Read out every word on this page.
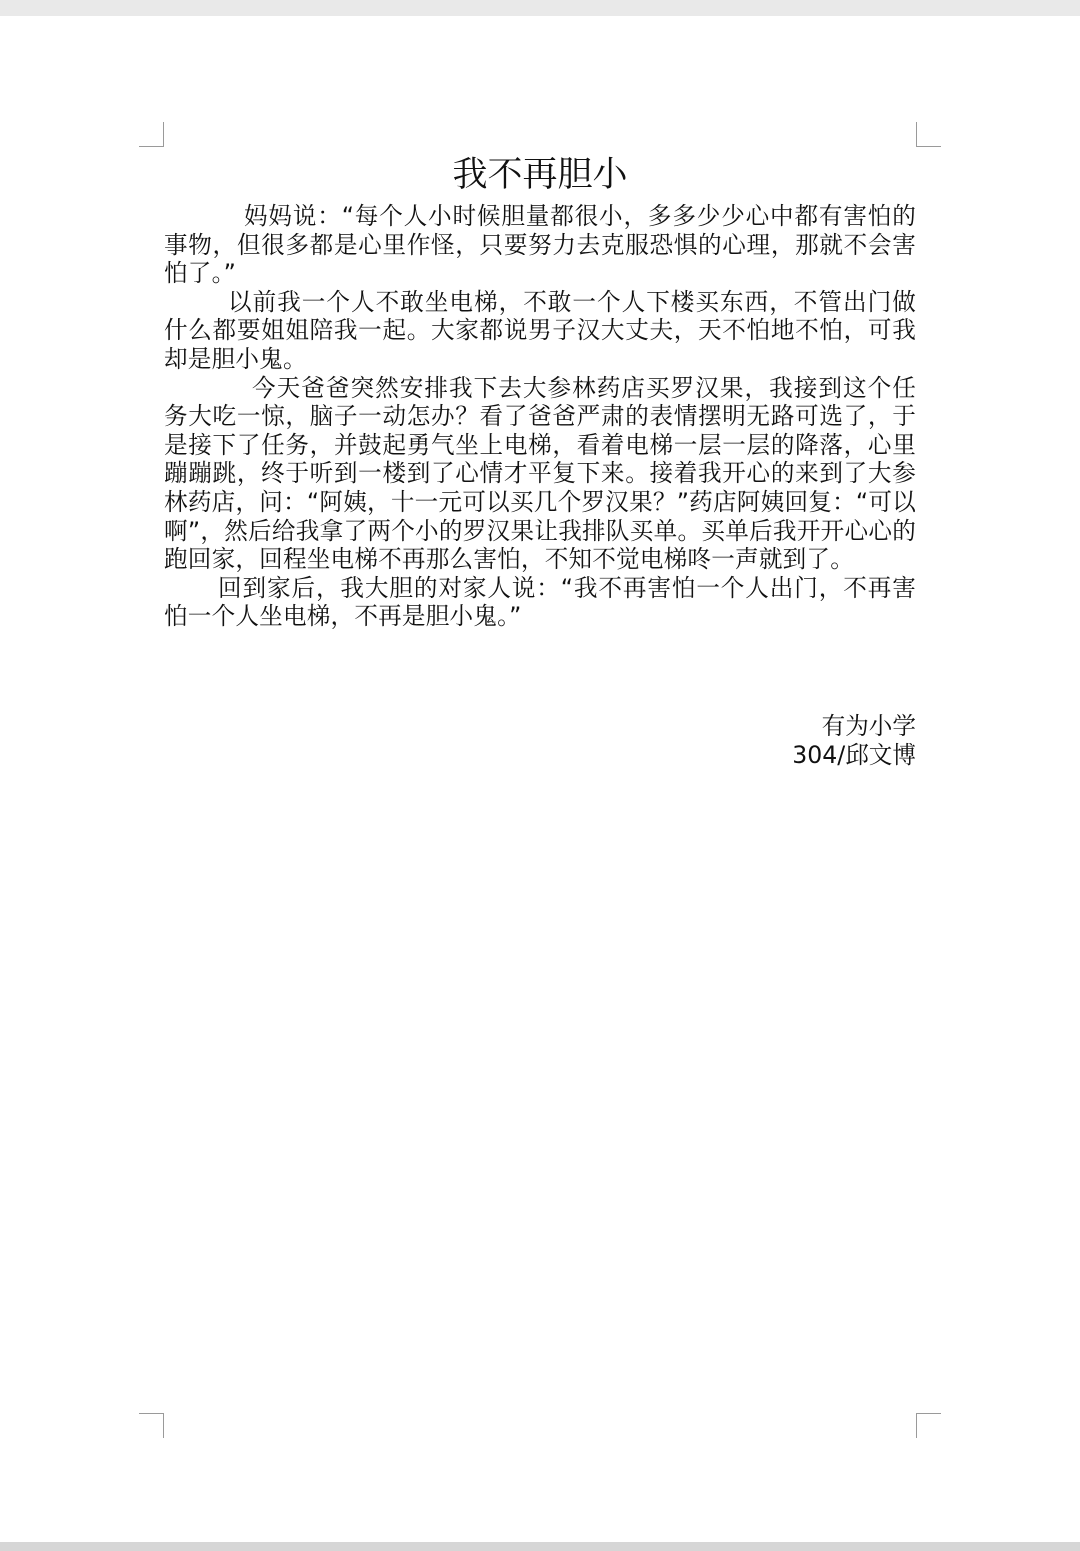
我不再胆小

妈妈说：“每个人小时候胆量都很小，多多少少心中都有害怕的事物，但很多都是心里作怪，只要努力去克服恐惧的心理，那就不会害怕了。”

以前我一个人不敢坐电梯，不敢一个人下楼买东西，不管出门做什么都要姐姐陪我一起。大家都说男子汉大丈夫，天不怕地不怕，可我却是胆小鬼。

今天爸爸突然安排我下去大参林药店买罗汉果，我接到这个任务大吃一惊，脑子一动怎办？看了爸爸严肃的表情摆明无路可选了，于是接下了任务，并鼓起勇气坐上电梯，看着电梯一层一层的降落，心里蹦蹦跳，终于听到一楼到了心情才平复下来。接着我开心的来到了大参林药店，问：“阿姨，十一元可以买几个罗汉果？”药店阿姨回复：“可以啊”，然后给我拿了两个小的罗汉果让我排队买单。买单后我开开心心的跑回家，回程坐电梯不再那么害怕，不知不觉电梯咚一声就到了。

回到家后，我大胆的对家人说：“我不再害怕一个人出门，不再害怕一个人坐电梯，不再是胆小鬼。”

有为小学
304/邱文博
